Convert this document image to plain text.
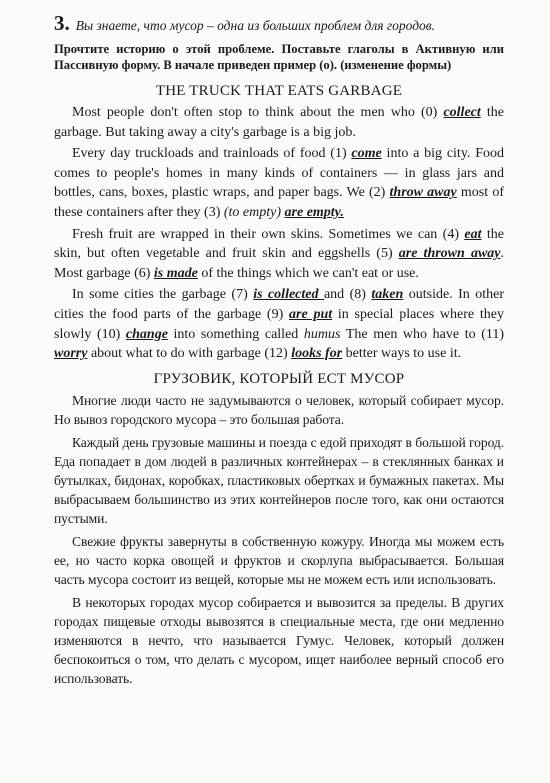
3. Вы знаете, что мусор – одна из больших проблем для городов.

Прочтите историю о этой проблеме. Поставьте глаголы в Активную или Пассивную форму. В начале приведен пример (о). (изменение формы)

THE TRUCK THAT EATS GARBAGE

Most people don't often stop to think about the men who (0) collect the garbage. But taking away a city's garbage is a big job.

Every day truckloads and trainloads of food (1) come into a big city. Food comes to people's homes in many kinds of containers — in glass jars and bottles, cans, boxes, plastic wraps, and paper bags. We (2) throw away most of these containers after they (3) (to empty) are empty.

Fresh fruit are wrapped in their own skins. Sometimes we can (4) eat the skin, but often vegetable and fruit skin and eggshells (5) are thrown away. Most garbage (6) is made of the things which we can't eat or use.

In some cities the garbage (7) is collected and (8) taken outside. In other cities the food parts of the garbage (9) are put in special places where they slowly (10) change into something called humus The men who have to (11) worry about what to do with garbage (12) looks for better ways to use it.

ГРУЗОВИК, КОТОРЫЙ ЕСТ МУСОР

Многие люди часто не задумываются о человек, который собирает мусор. Но вывоз городского мусора – это большая работа.

Каждый день грузовые машины и поезда с едой приходят в большой город. Еда попадает в дом людей в различных контейнерах – в стеклянных банках и бутылках, бидонах, коробках, пластиковых обертках и бумажных пакетах. Мы выбрасываем большинство из этих контейнеров после того, как они остаются пустыми.

Свежие фрукты завернуты в собственную кожуру. Иногда мы можем есть ее, но часто корка овощей и фруктов и скорлупа выбрасывается. Большая часть мусора состоит из вещей, которые мы не можем есть или использовать.

В некоторых городах мусор собирается и вывозится за пределы. В других городах пищевые отходы вывозятся в специальные места, где они медленно изменяются в нечто, что называется Гумус. Человек, который должен беспокоиться о том, что делать с мусором, ищет наиболее верный способ его использовать.
